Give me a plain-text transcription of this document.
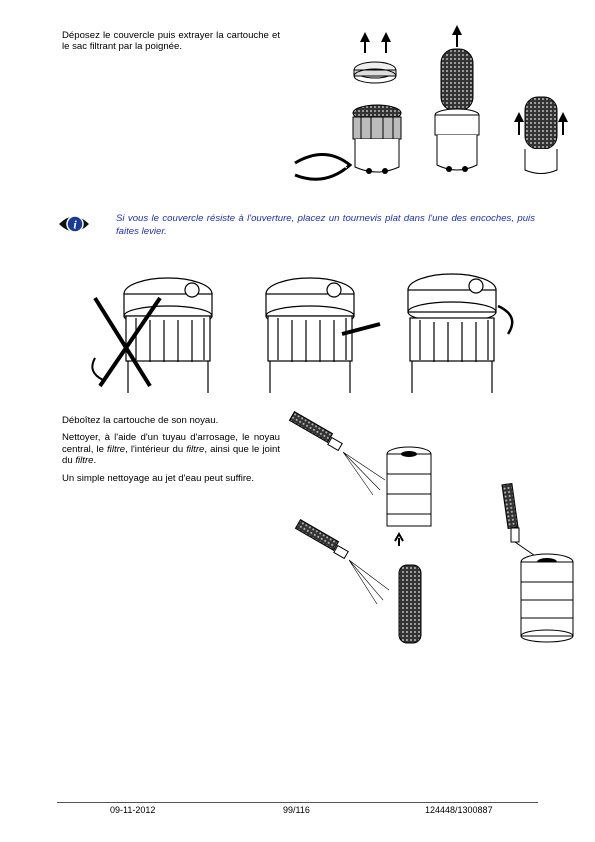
Déposez le couvercle puis extrayer la cartouche et le sac filtrant par la poignée.
i	Si vous le couvercle résiste à l'ouverture, placez un tournevis plat dans l'une des encoches, puis faites levier.

Déboîtez la cartouche de son noyau.

Nettoyer, à l'aide d'un tuyau d'arrosage, le noyau central, le filtre, l'intérieur du filtre, ainsi que le joint du filtre.

Un simple nettoyage au jet d'eau peut suffire.

09-11-2012	99/116	124448/1300887
